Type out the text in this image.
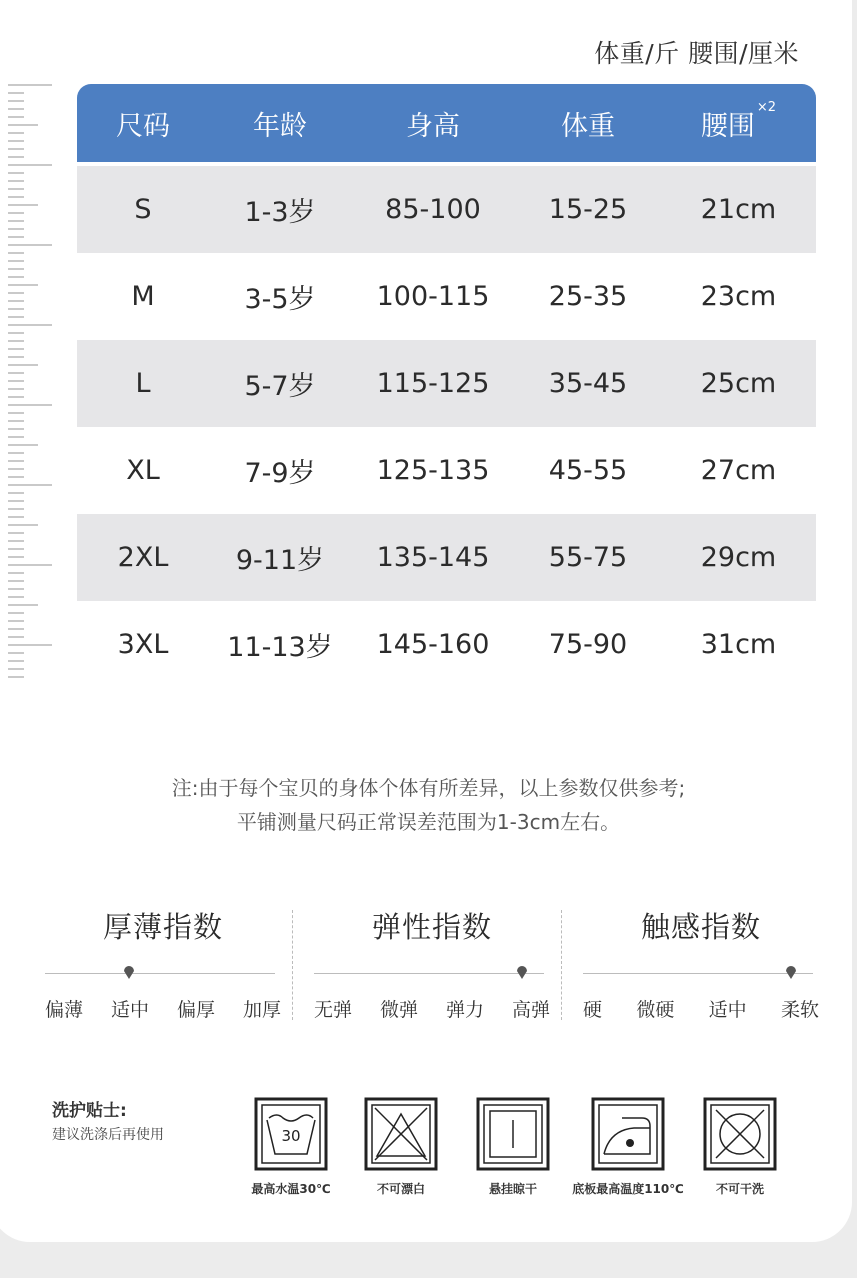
体重/斤 腰围/厘米
尺码	年龄	身高	体重	腰围$^{\times 2}$
S	1-3岁	85-100	15-25	21cm
M	3-5岁	100-115	25-35	23cm
L	5-7岁	115-125	35-45	25cm
XL	7-9岁	125-135	45-55	27cm
2XL	9-11岁	135-145	55-75	29cm
3XL	11-13岁	145-160	75-90	31cm
注:由于每个宝贝的身体个体有所差异，以上参数仅供参考;
平铺测量尺码正常误差范围为1-3cm左右。
厚薄指数
偏薄 适中 偏厚 加厚
弹性指数
无弹 微弹 弹力 高弹
触感指数
硬 微硬 适中 柔软
洗护贴士:
建议洗涤后再使用	30
最高水温30℃	不可漂白	悬挂晾干	底板最高温度110℃	不可干洗
